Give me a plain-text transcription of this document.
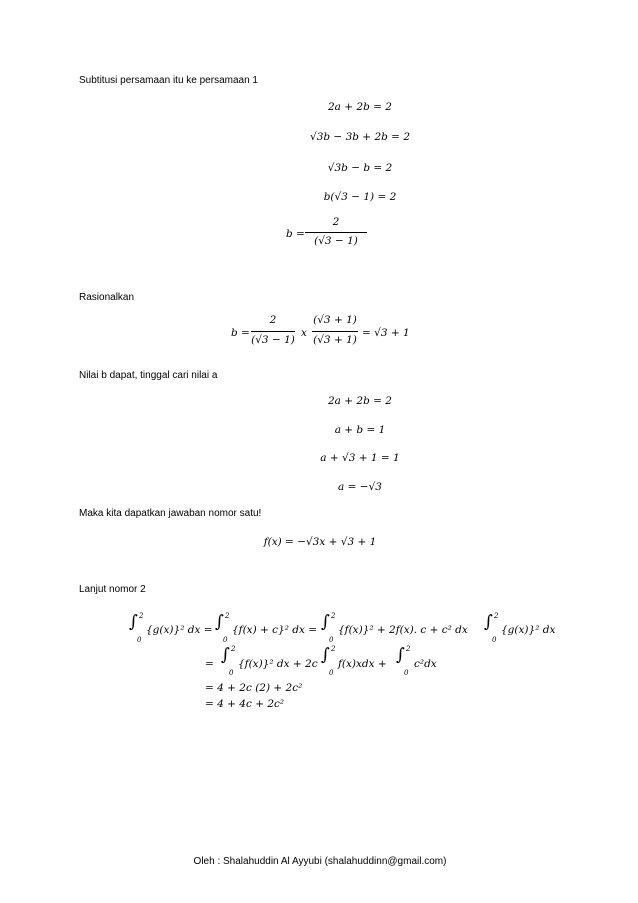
Subtitusi persamaan itu ke persamaan 1
2a + 2b = 2
√3b − 3b + 2b = 2
√3b − b = 2
b(√3 − 1) = 2
b =
2
(√3 − 1)
Rasionalkan
b =
2
(√3 − 1)
x
(√3 + 1)
(√3 + 1)
= √3 + 1
Nilai b dapat, tinggal cari nilai a
2a + 2b = 2
a + b = 1
a + √3 + 1 = 1
a = −√3
Maka kita dapatkan jawaban nomor satu!
f(x) = −√3x + √3 + 1
Lanjut nomor 2
∫ 2
0
{g(x)}² dx = ∫ 2
0
{f(x) + c}² dx = ∫ 2
0
{f(x)}² + 2f(x). c + c² dx ∫ 2
0
{g(x)}² dx
= ∫ 2
0
{f(x)}² dx + 2c ∫ 2
0
f(x)xdx + ∫ 2
0
c²dx
= 4 + 2c (2) + 2c²
= 4 + 4c + 2c²
Oleh : Shalahuddin Al Ayyubi (shalahuddinn@gmail.com)
